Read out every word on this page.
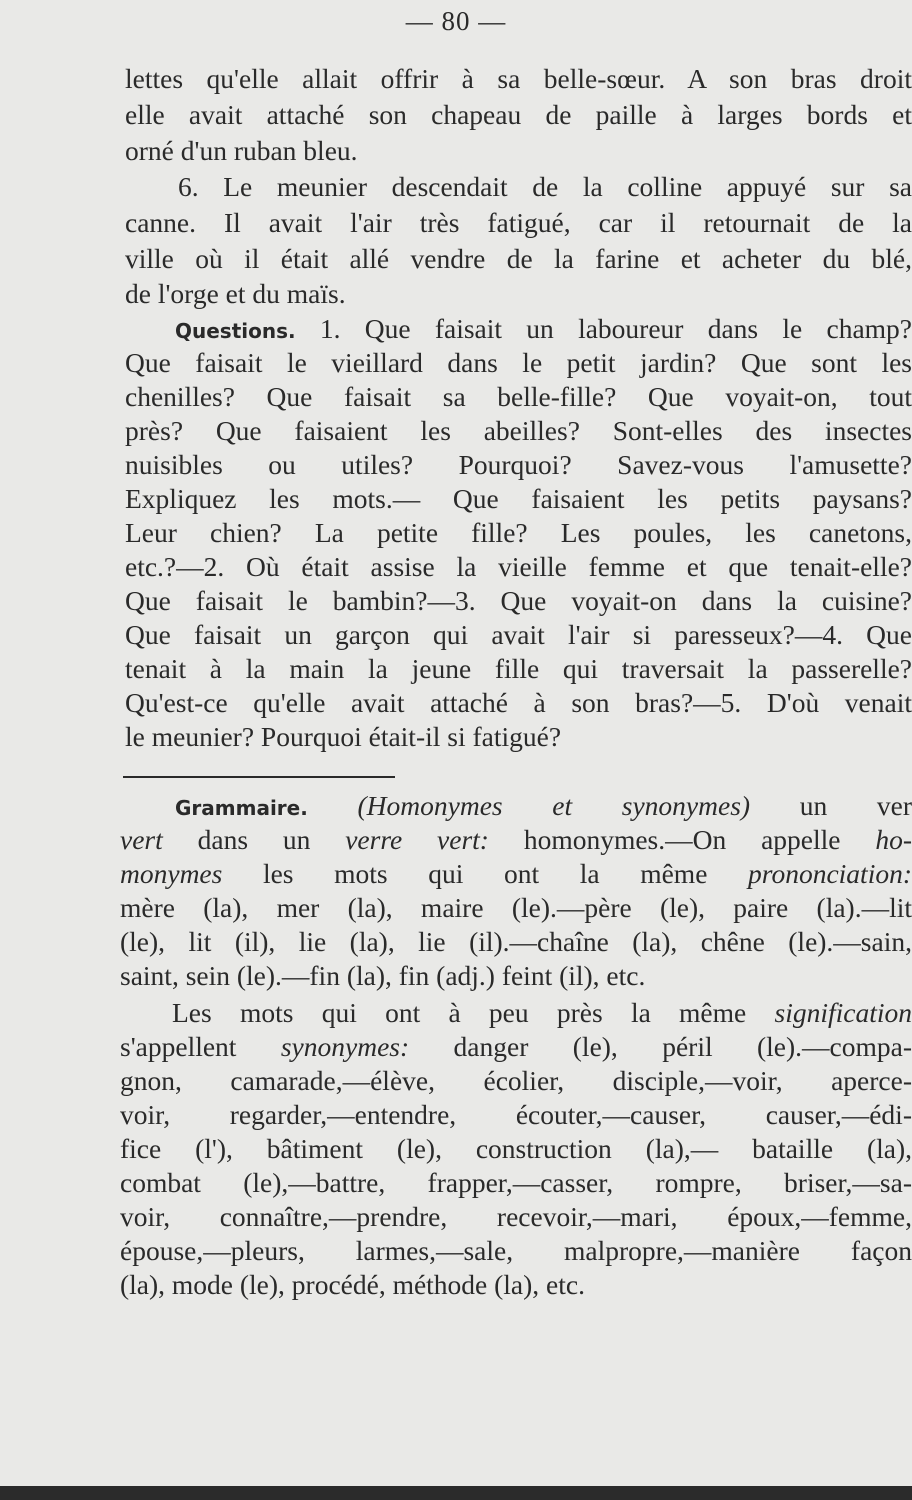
— 80 —
lettes qu'elle allait offrir à sa belle-sœur. A son bras droit
elle avait attaché son chapeau de paille à larges bords et
orné d'un ruban bleu.
6. Le meunier descendait de la colline appuyé sur sa
canne. Il avait l'air très fatigué, car il retournait de la
ville où il était allé vendre de la farine et acheter du blé,
de l'orge et du maïs.
Questions. 1. Que faisait un laboureur dans le champ?
Que faisait le vieillard dans le petit jardin? Que sont les
chenilles? Que faisait sa belle-fille? Que voyait-on, tout
près? Que faisaient les abeilles? Sont-elles des insectes
nuisibles ou utiles? Pourquoi? Savez-vous l'amusette?
Expliquez les mots.— Que faisaient les petits paysans?
Leur chien? La petite fille? Les poules, les canetons,
etc.?—2. Où était assise la vieille femme et que tenait-elle?
Que faisait le bambin?—3. Que voyait-on dans la cuisine?
Que faisait un garçon qui avait l'air si paresseux?—4. Que
tenait à la main la jeune fille qui traversait la passerelle?
Qu'est-ce qu'elle avait attaché à son bras?—5. D'où venait
le meunier? Pourquoi était-il si fatigué?
Grammaire. (Homonymes et synonymes) un ver
vert dans un verre vert: homonymes.—On appelle ho-
monymes les mots qui ont la même prononciation:
mère (la), mer (la), maire (le).—père (le), paire (la).—lit
(le), lit (il), lie (la), lie (il).—chaîne (la), chêne (le).—sain,
saint, sein (le).—fin (la), fin (adj.) feint (il), etc.
Les mots qui ont à peu près la même signification
s'appellent synonymes: danger (le), péril (le).—compa-
gnon, camarade,—élève, écolier, disciple,—voir, aperce-
voir, regarder,—entendre, écouter,—causer, causer,—édi-
fice (l'), bâtiment (le), construction (la),— bataille (la),
combat (le),—battre, frapper,—casser, rompre, briser,—sa-
voir, connaître,—prendre, recevoir,—mari, époux,—femme,
épouse,—pleurs, larmes,—sale, malpropre,—manière façon
(la), mode (le), procédé, méthode (la), etc.
